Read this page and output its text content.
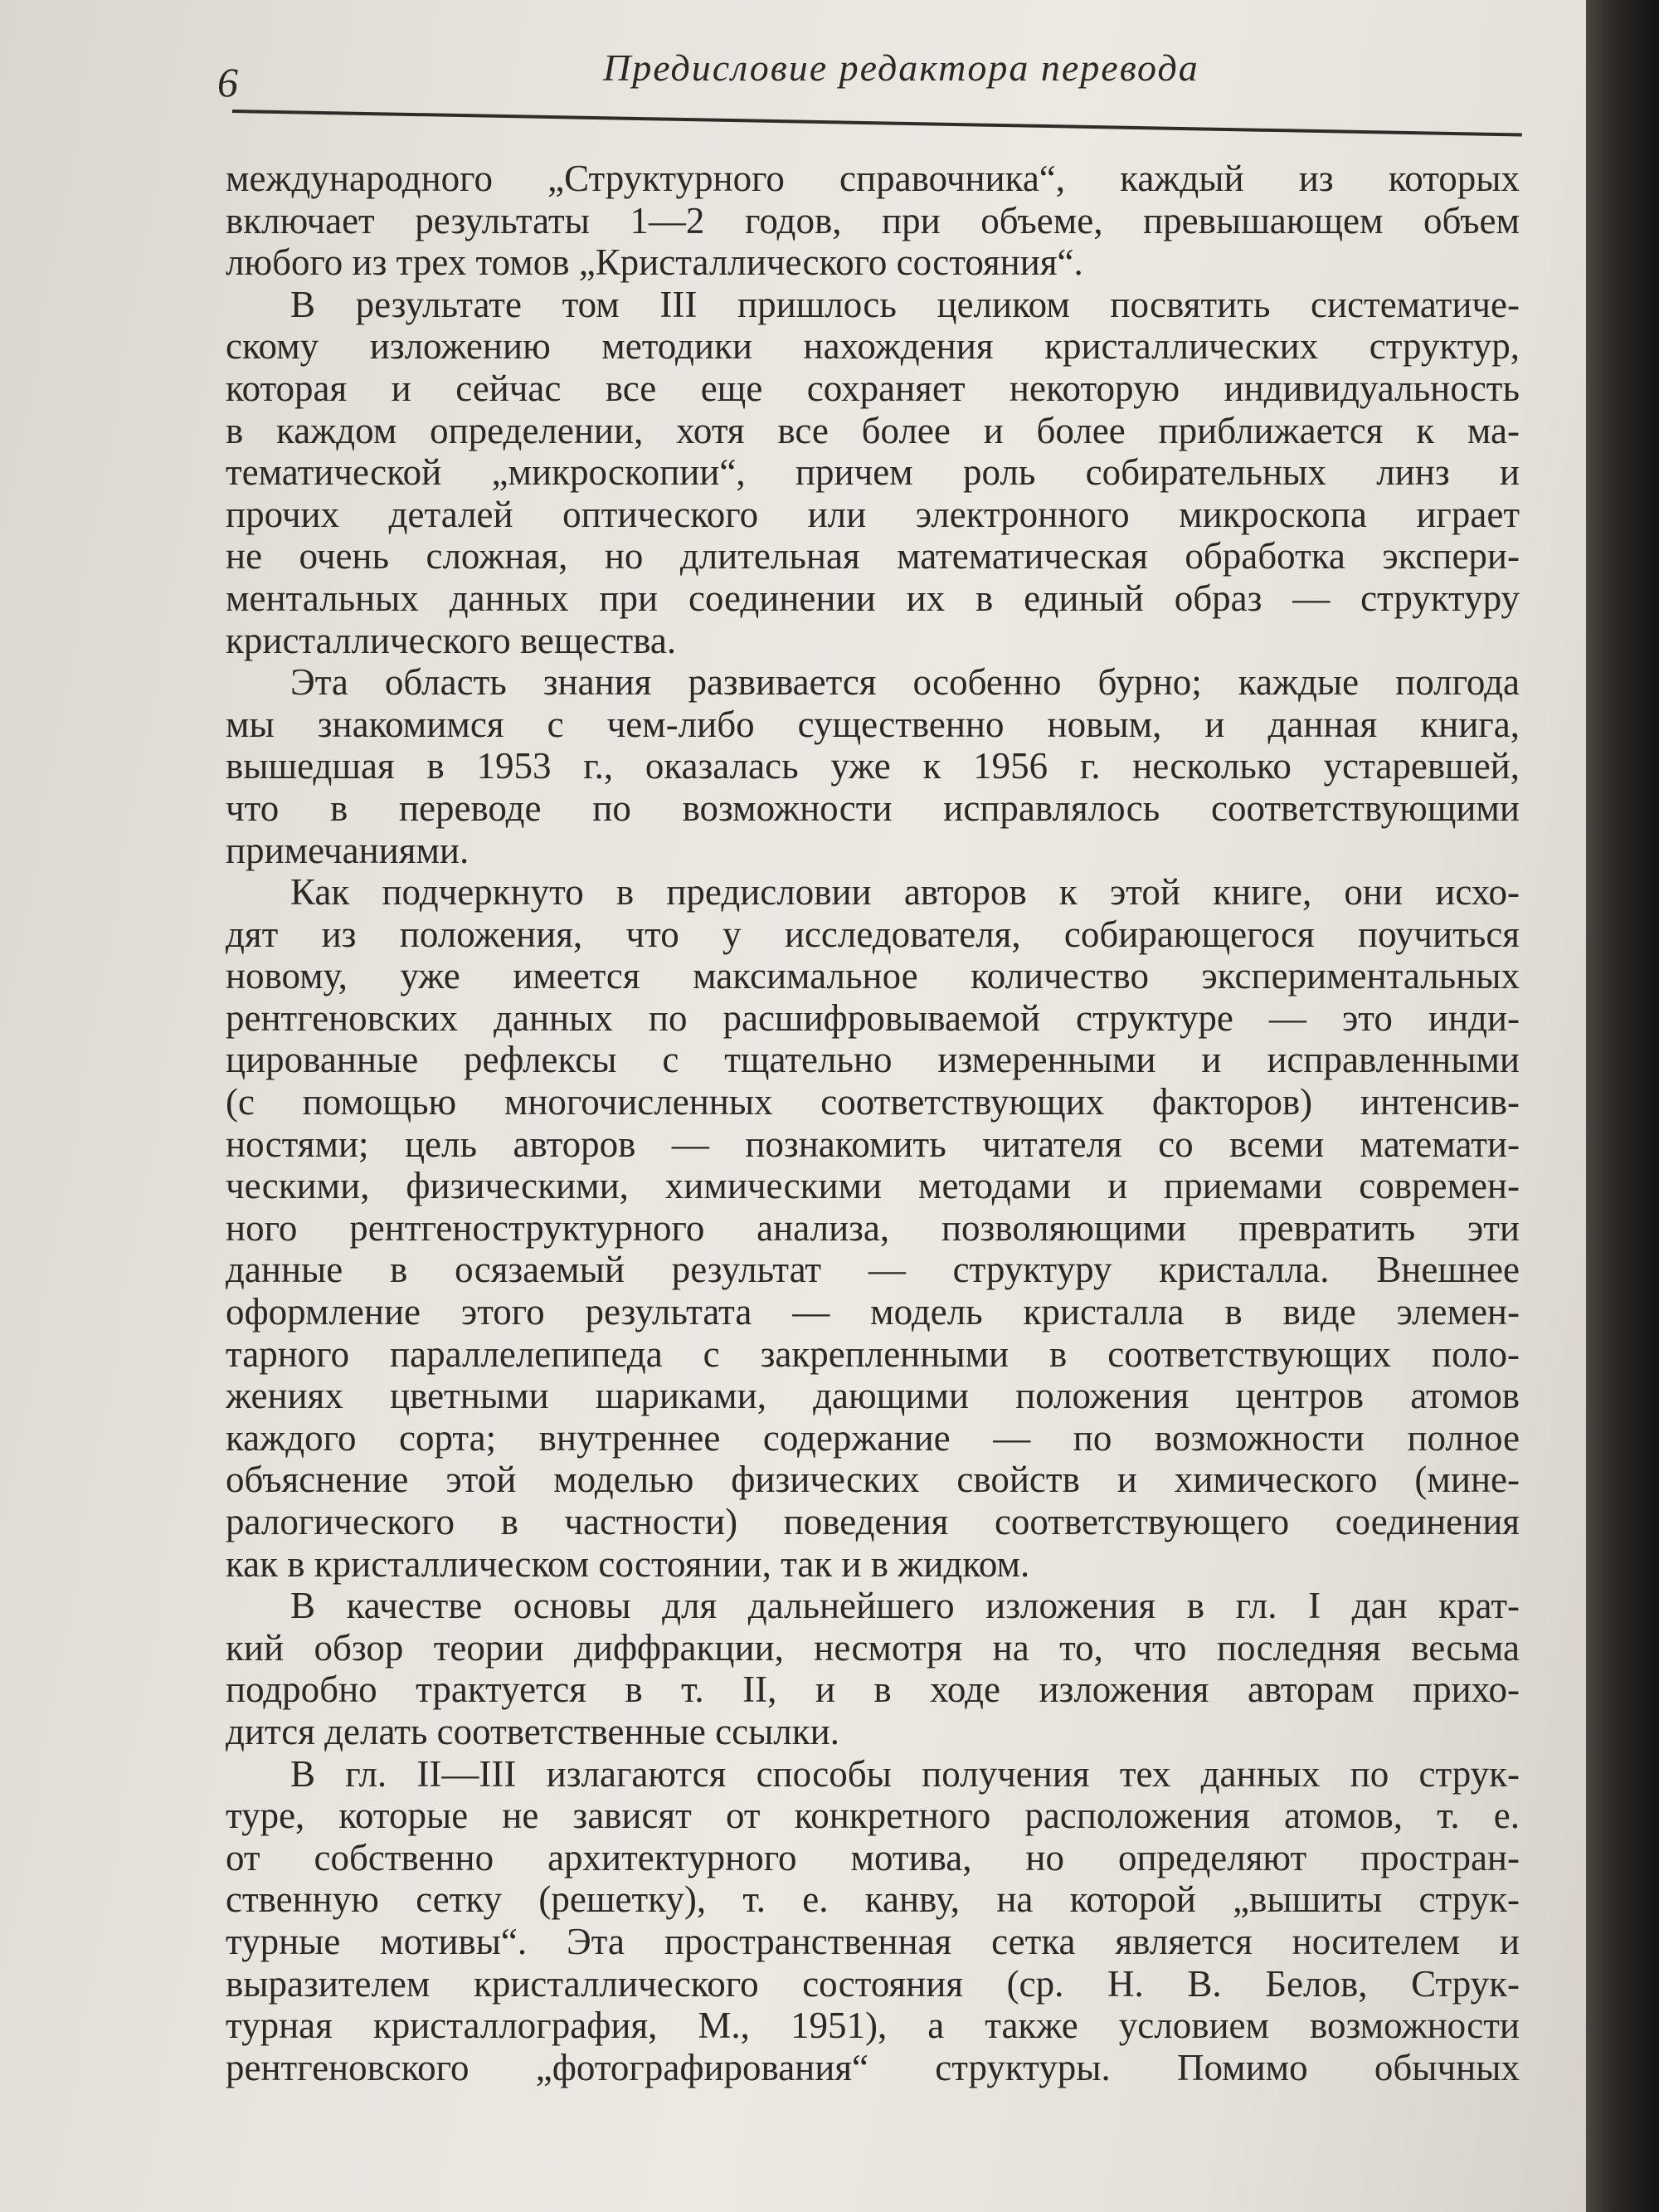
6	Предисловие редактора перевода

международного „Структурного справочника“, каждый из которых
включает результаты 1—2 годов, при объеме, превышающем объем
любого из трех томов „Кристаллического состояния“.

В результате том III пришлось целиком посвятить систематиче-
скому изложению методики нахождения кристаллических структур,
которая и сейчас все еще сохраняет некоторую индивидуальность
в каждом определении, хотя все более и более приближается к ма-
тематической „микроскопии“, причем роль собирательных линз и
прочих деталей оптического или электронного микроскопа играет
не очень сложная, но длительная математическая обработка экспери-
ментальных данных при соединении их в единый образ — структуру
кристаллического вещества.

Эта область знания развивается особенно бурно; каждые полгода
мы знакомимся с чем-либо существенно новым, и данная книга,
вышедшая в 1953 г., оказалась уже к 1956 г. несколько устаревшей,
что в переводе по возможности исправлялось соответствующими
примечаниями.

Как подчеркнуто в предисловии авторов к этой книге, они исхо-
дят из положения, что у исследователя, собирающегося поучиться
новому, уже имеется максимальное количество экспериментальных
рентгеновских данных по расшифровываемой структуре — это инди-
цированные рефлексы с тщательно измеренными и исправленными
(с помощью многочисленных соответствующих факторов) интенсив-
ностями; цель авторов — познакомить читателя со всеми математи-
ческими, физическими, химическими методами и приемами современ-
ного рентгеноструктурного анализа, позволяющими превратить эти
данные в осязаемый результат — структуру кристалла. Внешнее
оформление этого результата — модель кристалла в виде элемен-
тарного параллелепипеда с закрепленными в соответствующих поло-
жениях цветными шариками, дающими положения центров атомов
каждого сорта; внутреннее содержание — по возможности полное
объяснение этой моделью физических свойств и химического (мине-
ралогического в частности) поведения соответствующего соединения
как в кристаллическом состоянии, так и в жидком.

В качестве основы для дальнейшего изложения в гл. I дан крат-
кий обзор теории диффракции, несмотря на то, что последняя весьма
подробно трактуется в т. II, и в ходе изложения авторам прихо-
дится делать соответственные ссылки.

В гл. II—III излагаются способы получения тех данных по струк-
туре, которые не зависят от конкретного расположения атомов, т. е.
от собственно архитектурного мотива, но определяют простран-
ственную сетку (решетку), т. е. канву, на которой „вышиты струк-
турные мотивы“. Эта пространственная сетка является носителем и
выразителем кристаллического состояния (ср. Н. В. Белов, Струк-
турная кристаллография, М., 1951), а также условием возможности
рентгеновского „фотографирования“ структуры. Помимо обычных
